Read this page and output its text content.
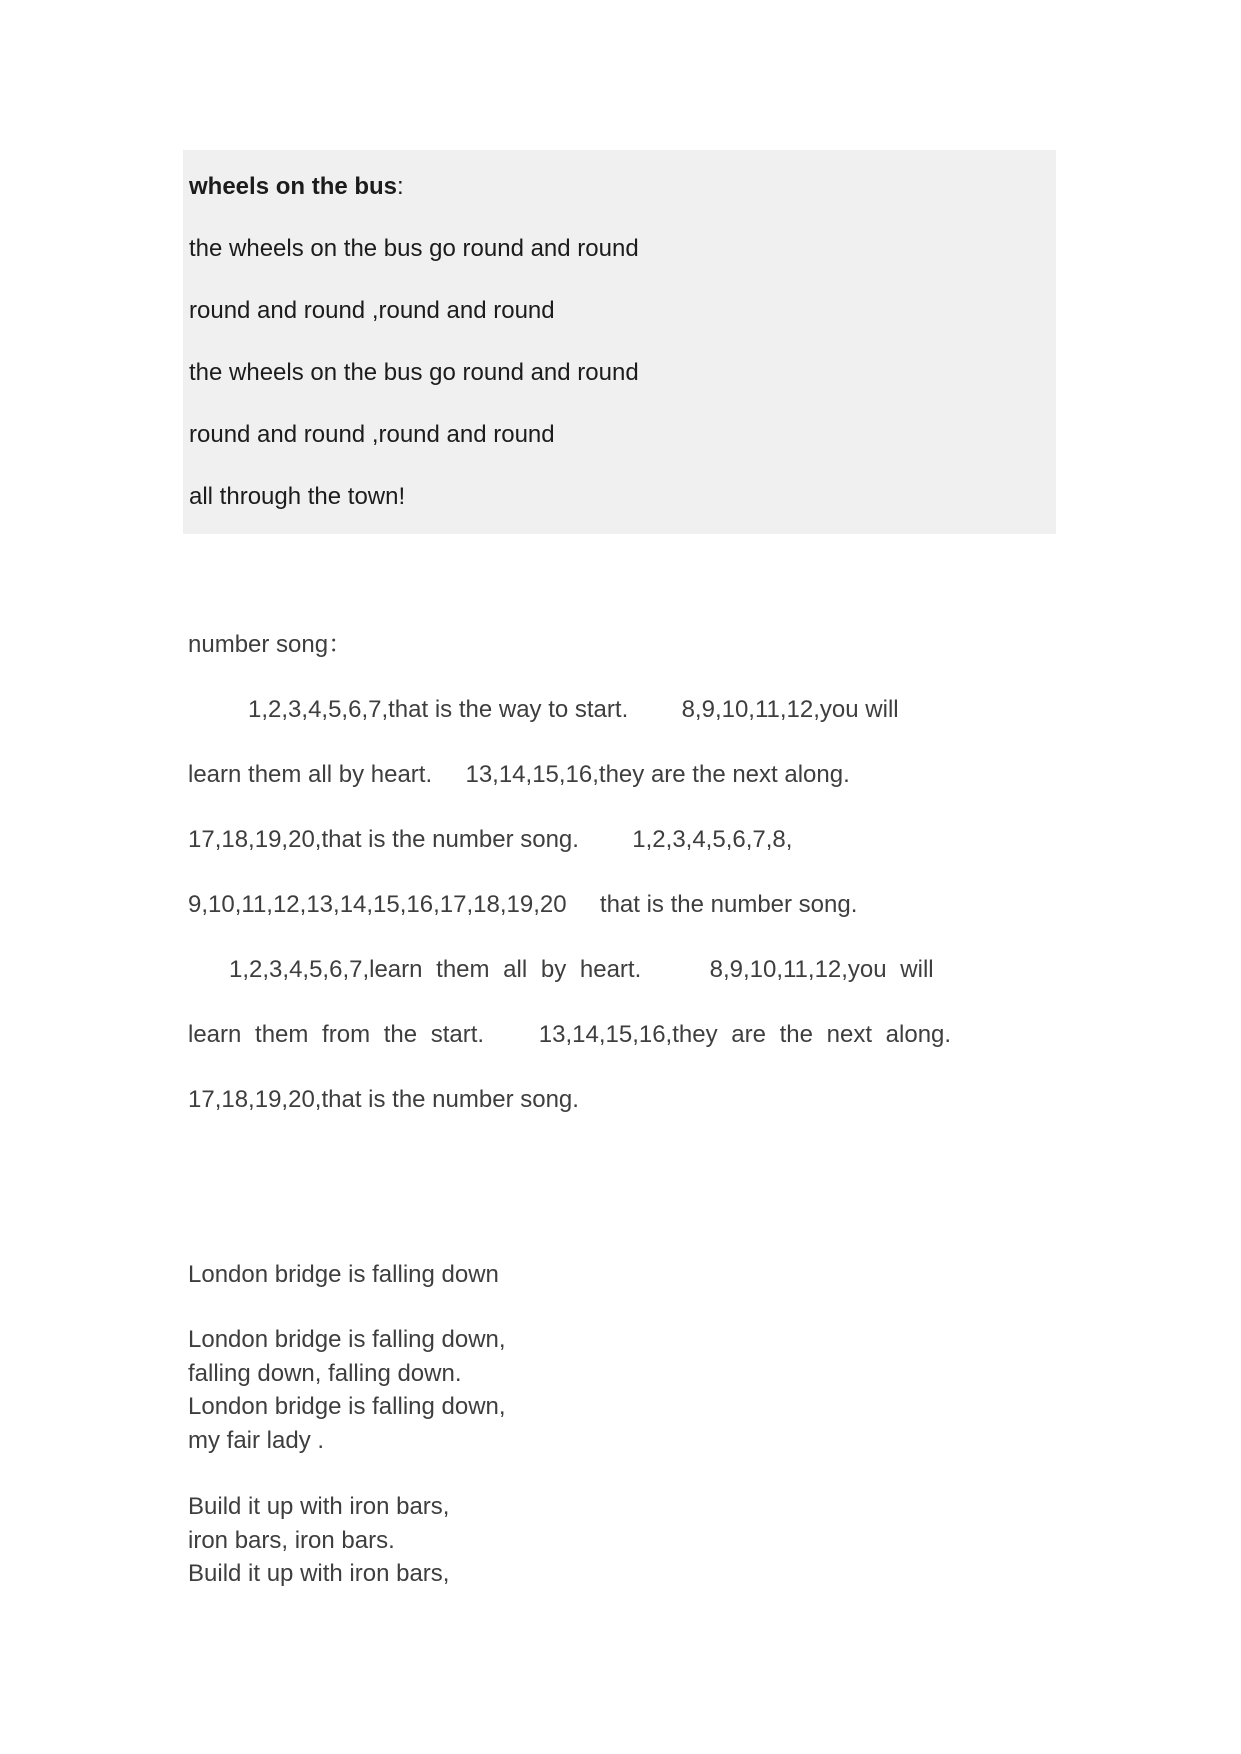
wheels on the bus:

the wheels on the bus go round and round

round and round ,round and round

the wheels on the bus go round and round

round and round ,round and round

all through the town!

number song：

1,2,3,4,5,6,7,that is the way to start.        8,9,10,11,12,you will

learn them all by heart.     13,14,15,16,they are the next along.

17,18,19,20,that is the number song.        1,2,3,4,5,6,7,8,

9,10,11,12,13,14,15,16,17,18,19,20     that is the number song.

1,2,3,4,5,6,7,learn them all by heart.     8,9,10,11,12,you will

learn them from the start.    13,14,15,16,they are the next along.

17,18,19,20,that is the number song.

London bridge is falling down

London bridge is falling down,
falling down, falling down.
London bridge is falling down,
my fair lady .

Build it up with iron bars,
iron bars, iron bars.
Build it up with iron bars,
